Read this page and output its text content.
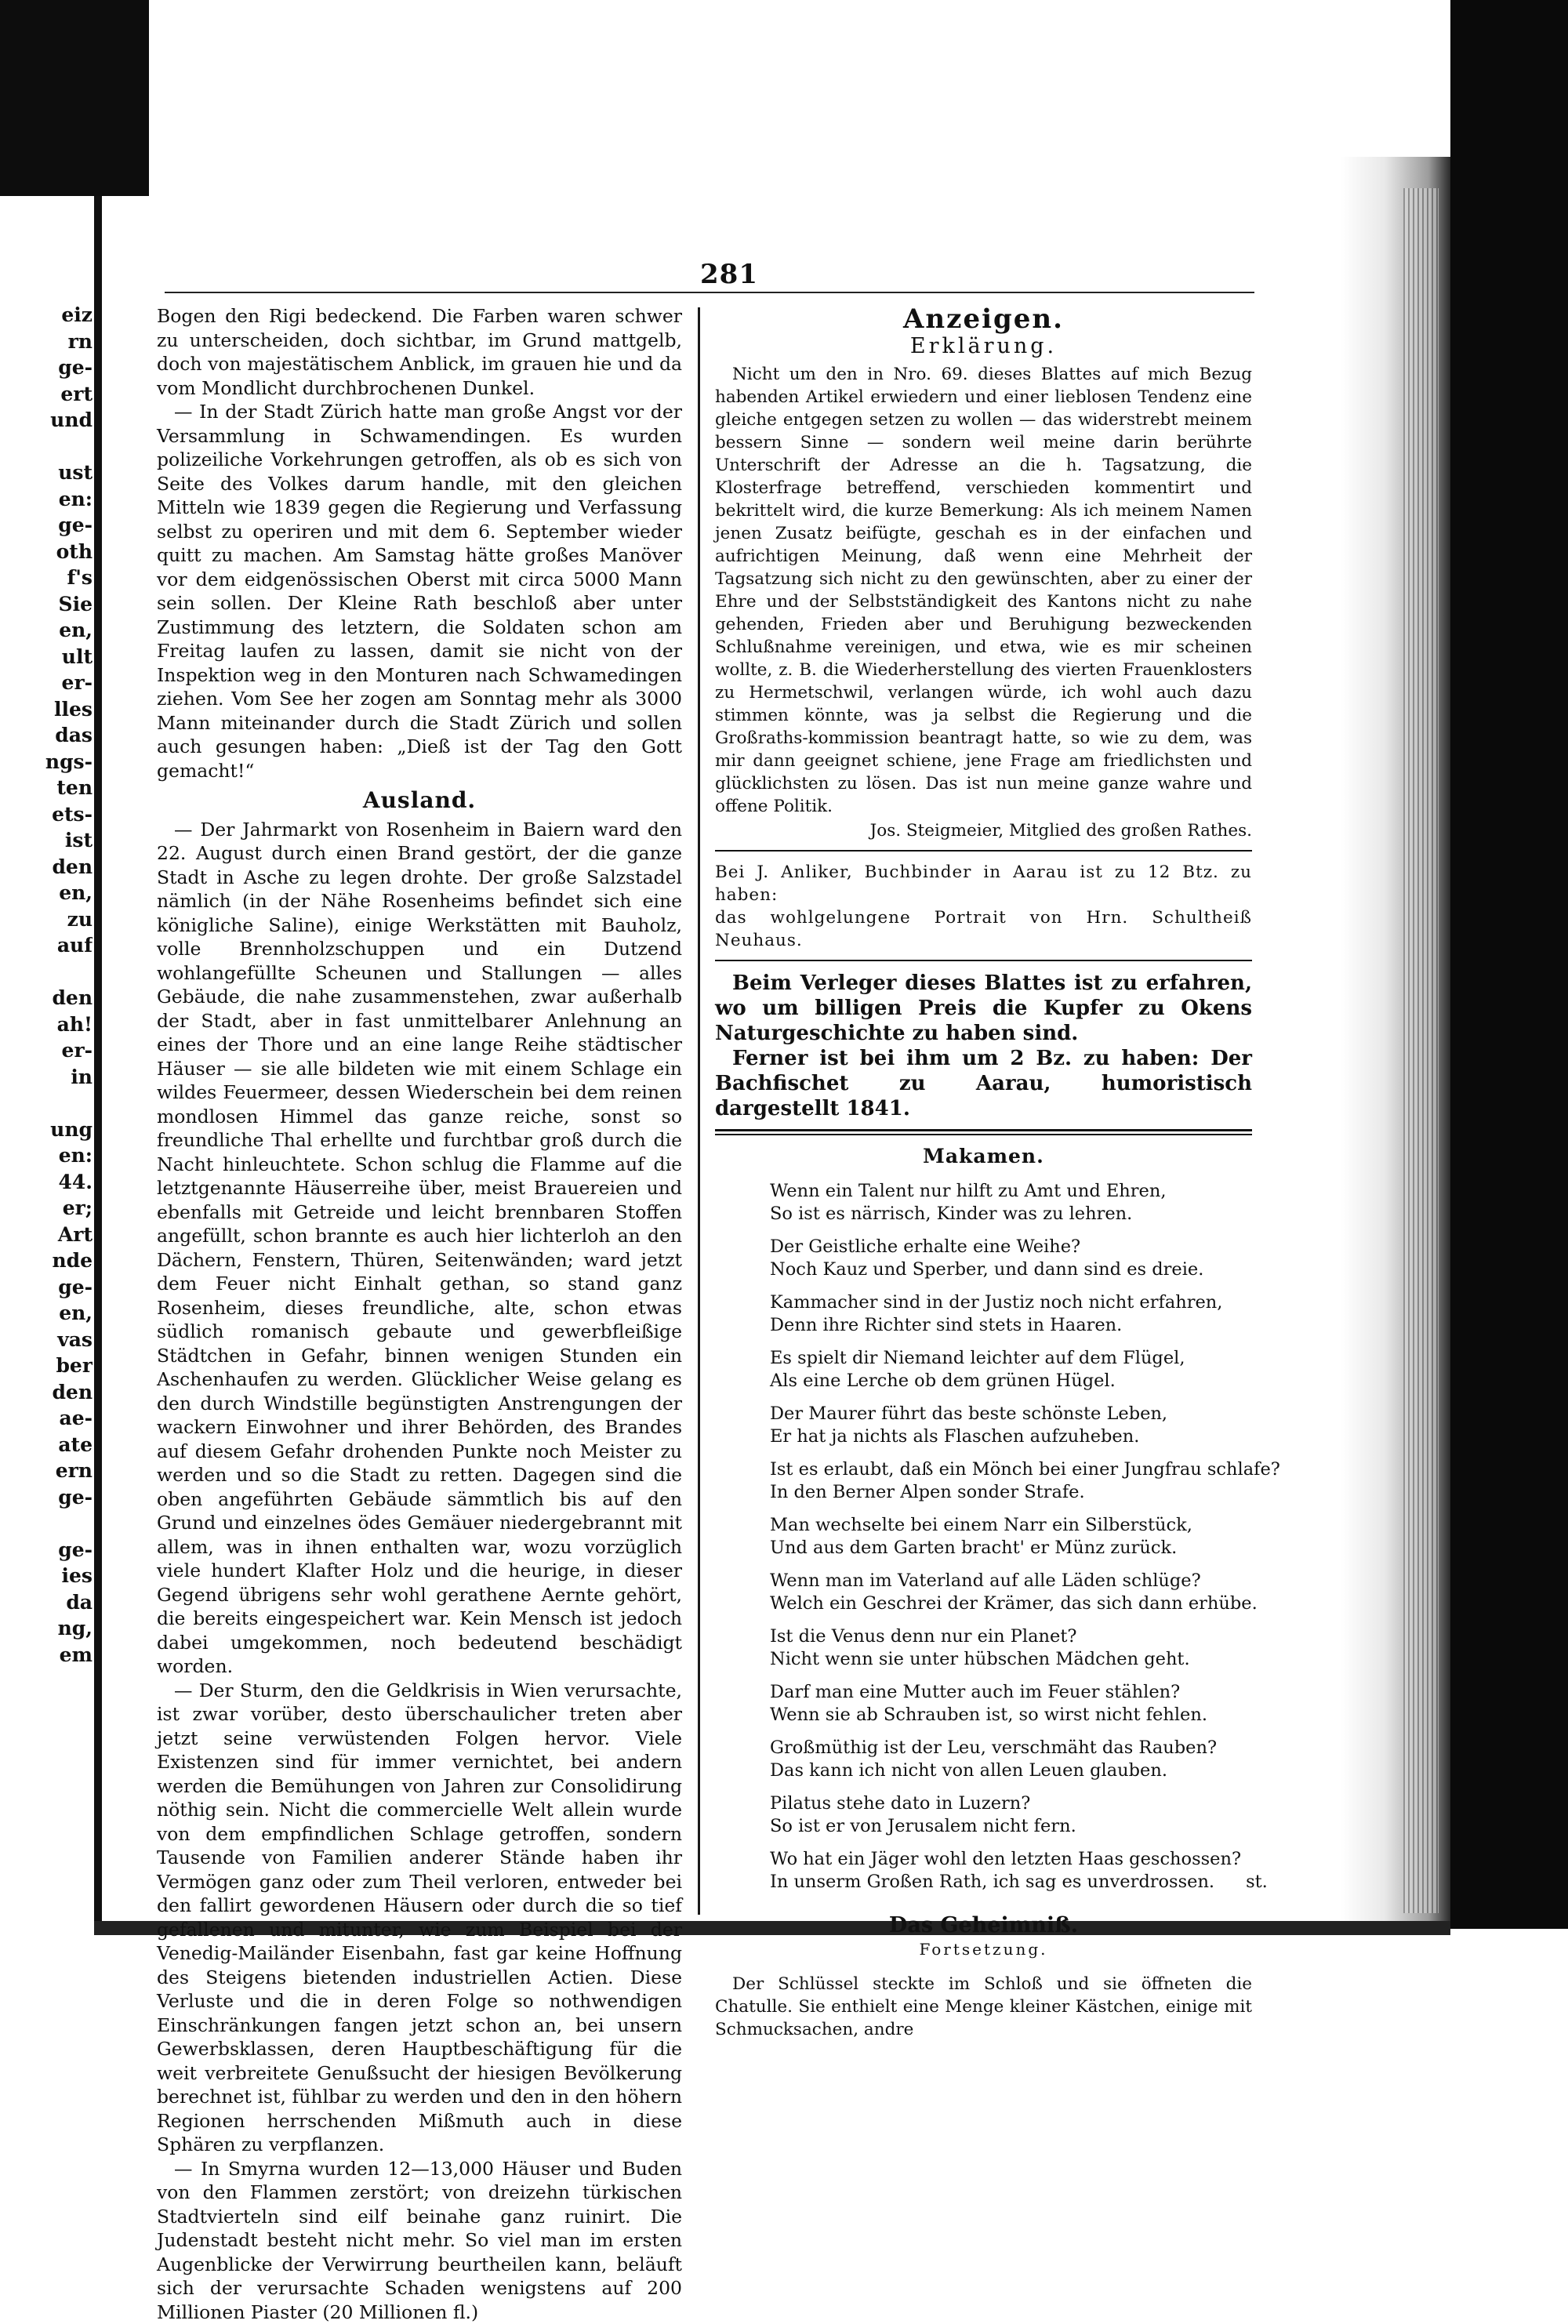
eiz
rn
ge-
ert
und
ust
en:
ge-
oth
f's
Sie
en,
ult
er-
lles
das
ngs-
ten
ets-
ist
den
en,
zu
auf
den
ah!
er-
in
ung
en:
44.
er;
Art
nde
ge-
en,
vas
ber
den
ae-
ate
ern
ge-
ge-
ies
da
ng,
em
281

Bogen den Rigi bedeckend. Die Farben waren schwer zu unterscheiden, doch sichtbar, im Grund mattgelb, doch von majestätischem Anblick, im grauen hie und da vom Mondlicht durchbrochenen Dunkel.

— In der Stadt Zürich hatte man große Angst vor der Versammlung in Schwamendingen. Es wurden polizeiliche Vorkehrungen getroffen, als ob es sich von Seite des Volkes darum handle, mit den gleichen Mitteln wie 1839 gegen die Regierung und Verfassung selbst zu operiren und mit dem 6. September wieder quitt zu machen. Am Samstag hätte großes Manöver vor dem eidgenössischen Oberst mit circa 5000 Mann sein sollen. Der Kleine Rath beschloß aber unter Zustimmung des letztern, die Soldaten schon am Freitag laufen zu lassen, damit sie nicht von der Inspektion weg in den Monturen nach Schwamedingen ziehen. Vom See her zogen am Sonntag mehr als 3000 Mann miteinander durch die Stadt Zürich und sollen auch gesungen haben: „Dieß ist der Tag den Gott gemacht!“

Ausland.

— Der Jahrmarkt von Rosenheim in Baiern ward den 22. August durch einen Brand gestört, der die ganze Stadt in Asche zu legen drohte. Der große Salzstadel nämlich (in der Nähe Rosenheims befindet sich eine königliche Saline), einige Werkstätten mit Bauholz, volle Brennholzschuppen und ein Dutzend wohlangefüllte Scheunen und Stallungen — alles Gebäude, die nahe zusammenstehen, zwar außerhalb der Stadt, aber in fast unmittelbarer Anlehnung an eines der Thore und an eine lange Reihe städtischer Häuser — sie alle bildeten wie mit einem Schlage ein wildes Feuermeer, dessen Wiederschein bei dem reinen mondlosen Himmel das ganze reiche, sonst so freundliche Thal erhellte und furchtbar groß durch die Nacht hinleuchtete. Schon schlug die Flamme auf die letztgenannte Häuserreihe über, meist Brauereien und ebenfalls mit Getreide und leicht brennbaren Stoffen angefüllt, schon brannte es auch hier lichterloh an den Dächern, Fenstern, Thüren, Seitenwänden; ward jetzt dem Feuer nicht Einhalt gethan, so stand ganz Rosenheim, dieses freundliche, alte, schon etwas südlich romanisch gebaute und gewerbfleißige Städtchen in Gefahr, binnen wenigen Stunden ein Aschenhaufen zu werden. Glücklicher Weise gelang es den durch Windstille begünstigten Anstrengungen der wackern Einwohner und ihrer Behörden, des Brandes auf diesem Gefahr drohenden Punkte noch Meister zu werden und so die Stadt zu retten. Dagegen sind die oben angeführten Gebäude sämmtlich bis auf den Grund und einzelnes ödes Gemäuer niedergebrannt mit allem, was in ihnen enthalten war, wozu vorzüglich viele hundert Klafter Holz und die heurige, in dieser Gegend übrigens sehr wohl gerathene Aernte gehört, die bereits eingespeichert war. Kein Mensch ist jedoch dabei umgekommen, noch bedeutend beschädigt worden.

— Der Sturm, den die Geldkrisis in Wien verursachte, ist zwar vorüber, desto überschaulicher treten aber jetzt seine verwüstenden Folgen hervor. Viele Existenzen sind für immer vernichtet, bei andern werden die Bemühungen von Jahren zur Consolidirung nöthig sein. Nicht die commercielle Welt allein wurde von dem empfindlichen Schlage getroffen, sondern Tausende von Familien anderer Stände haben ihr Vermögen ganz oder zum Theil verloren, entweder bei den fallirt gewordenen Häusern oder durch die so tief gefallenen und mitunter, wie zum Beispiel bei der Venedig-Mailänder Eisenbahn, fast gar keine Hoffnung des Steigens bietenden industriellen Actien. Diese Verluste und die in deren Folge so nothwendigen Einschränkungen fangen jetzt schon an, bei unsern Gewerbsklassen, deren Hauptbeschäftigung für die weit verbreitete Genußsucht der hiesigen Bevölkerung berechnet ist, fühlbar zu werden und den in den höhern Regionen herrschenden Mißmuth auch in diese Sphären zu verpflanzen.

— In Smyrna wurden 12—13,000 Häuser und Buden von den Flammen zerstört; von dreizehn türkischen Stadtvierteln sind eilf beinahe ganz ruinirt. Die Judenstadt besteht nicht mehr. So viel man im ersten Augenblicke der Verwirrung beurtheilen kann, beläuft sich der verursachte Schaden wenigstens auf 200 Millionen Piaster (20 Millionen fl.)

Anzeigen.
Erklärung.

Nicht um den in Nro. 69. dieses Blattes auf mich Bezug habenden Artikel erwiedern und einer lieblosen Tendenz eine gleiche entgegen setzen zu wollen — das widerstrebt meinem bessern Sinne — sondern weil meine darin berührte Unterschrift der Adresse an die h. Tagsatzung, die Klosterfrage betreffend, verschieden kommentirt und bekrittelt wird, die kurze Bemerkung: Als ich meinem Namen jenen Zusatz beifügte, geschah es in der einfachen und aufrichtigen Meinung, daß wenn eine Mehrheit der Tagsatzung sich nicht zu den gewünschten, aber zu einer der Ehre und der Selbstständigkeit des Kantons nicht zu nahe gehenden, Frieden aber und Beruhigung bezweckenden Schlußnahme vereinigen, und etwa, wie es mir scheinen wollte, z. B. die Wiederherstellung des vierten Frauenklosters zu Hermetschwil, verlangen würde, ich wohl auch dazu stimmen könnte, was ja selbst die Regierung und die Großraths-kommission beantragt hatte, so wie zu dem, was mir dann geeignet schiene, jene Frage am friedlichsten und glücklichsten zu lösen. Das ist nun meine ganze wahre und offene Politik.

Jos. Steigmeier, Mitglied des großen Rathes.

Bei J. Anliker, Buchbinder in Aarau ist zu 12 Btz. zu haben:

das wohlgelungene Portrait von Hrn. Schultheiß Neuhaus.

Beim Verleger dieses Blattes ist zu erfahren, wo um billigen Preis die Kupfer zu Okens Naturgeschichte zu haben sind.

Ferner ist bei ihm um 2 Bz. zu haben: Der Bachfischet zu Aarau, humoristisch dargestellt 1841.

Makamen.
Wenn ein Talent nur hilft zu Amt und Ehren,
So ist es närrisch, Kinder was zu lehren.
Der Geistliche erhalte eine Weihe?
Noch Kauz und Sperber, und dann sind es dreie.
Kammacher sind in der Justiz noch nicht erfahren,
Denn ihre Richter sind stets in Haaren.
Es spielt dir Niemand leichter auf dem Flügel,
Als eine Lerche ob dem grünen Hügel.
Der Maurer führt das beste schönste Leben,
Er hat ja nichts als Flaschen aufzuheben.
Ist es erlaubt, daß ein Mönch bei einer Jungfrau schlafe?
In den Berner Alpen sonder Strafe.
Man wechselte bei einem Narr ein Silberstück,
Und aus dem Garten bracht' er Münz zurück.
Wenn man im Vaterland auf alle Läden schlüge?
Welch ein Geschrei der Krämer, das sich dann erhübe.
Ist die Venus denn nur ein Planet?
Nicht wenn sie unter hübschen Mädchen geht.
Darf man eine Mutter auch im Feuer stählen?
Wenn sie ab Schrauben ist, so wirst nicht fehlen.
Großmüthig ist der Leu, verschmäht das Rauben?
Das kann ich nicht von allen Leuen glauben.
Pilatus stehe dato in Luzern?
So ist er von Jerusalem nicht fern.
Wo hat ein Jäger wohl den letzten Haas geschossen?
In unserm Großen Rath, ich sag es unverdrossen. st.
Das Geheimniß.
Fortsetzung.

Der Schlüssel steckte im Schloß und sie öffneten die Chatulle. Sie enthielt eine Menge kleiner Kästchen, einige mit Schmucksachen, andre
